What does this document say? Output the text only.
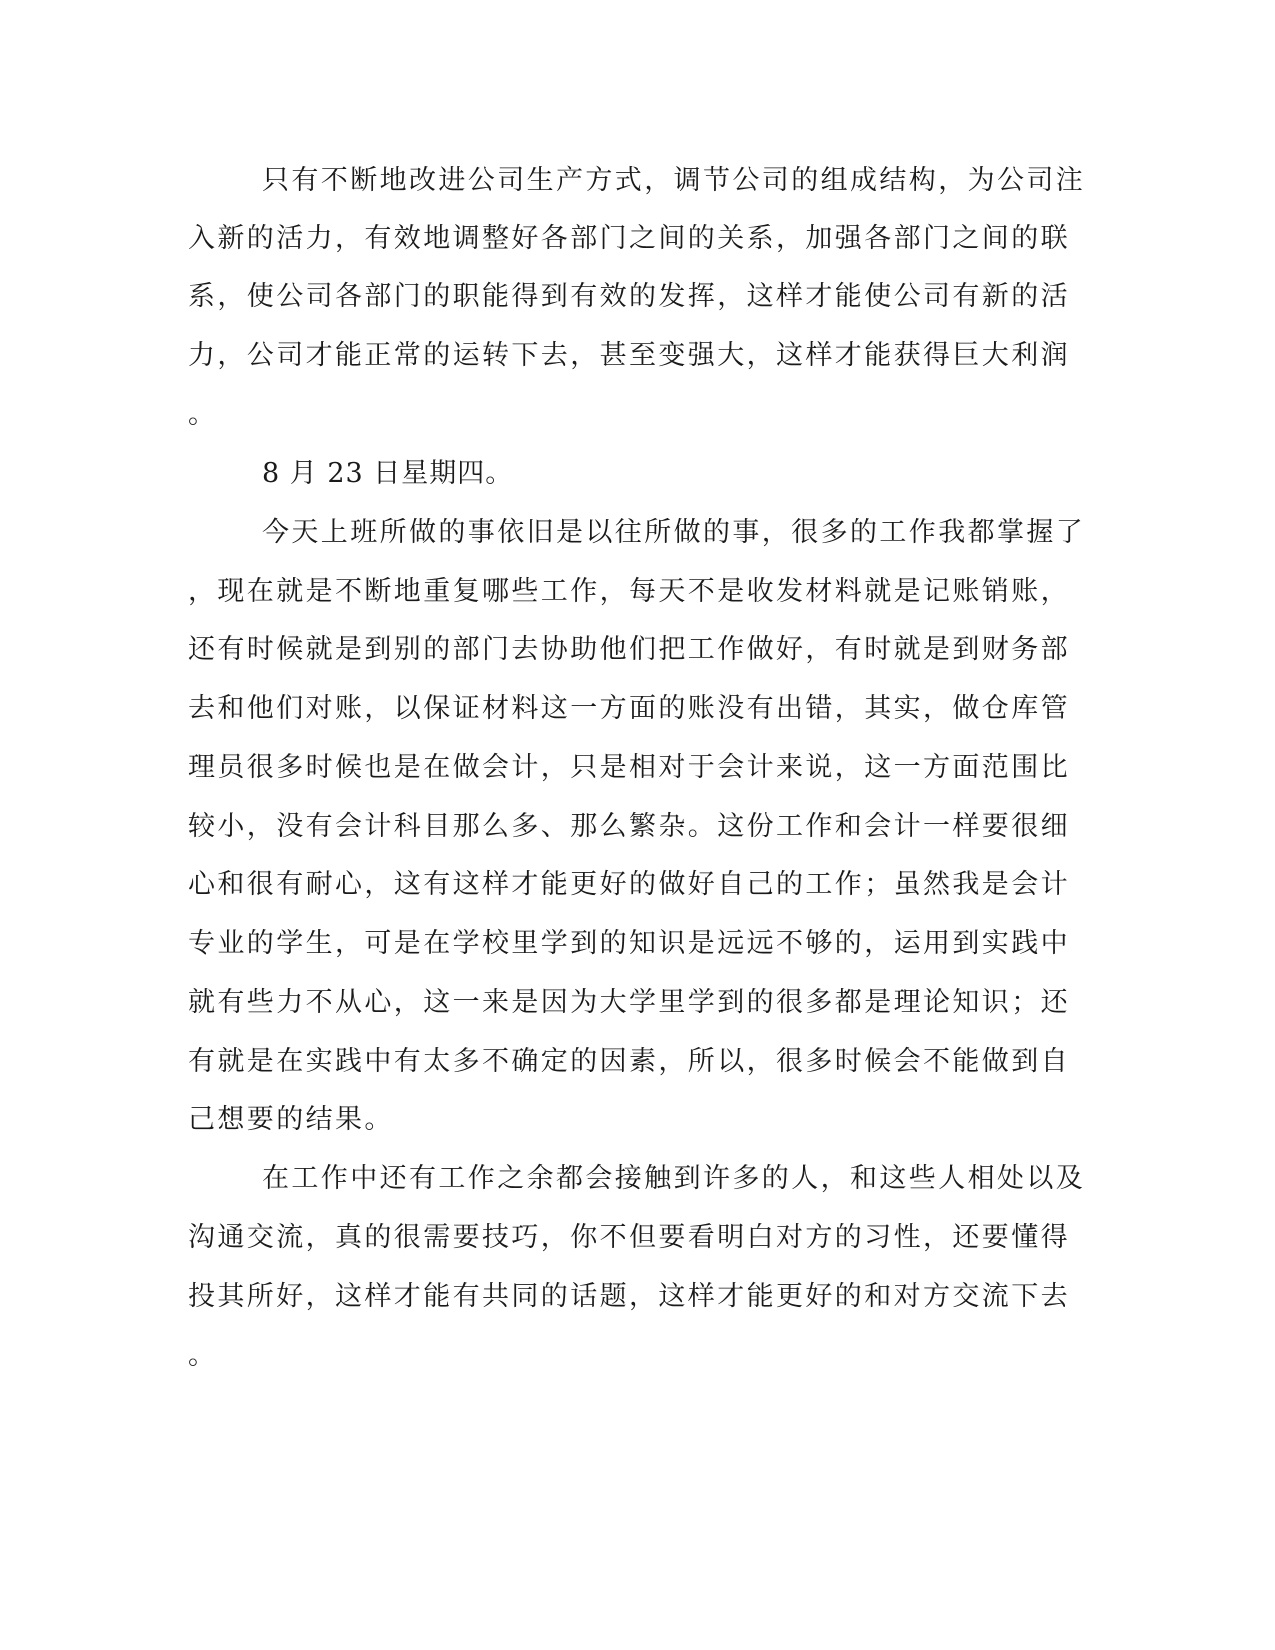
只有不断地改进公司生产方式，调节公司的组成结构，为公司注
入新的活力，有效地调整好各部门之间的关系，加强各部门之间的联
系，使公司各部门的职能得到有效的发挥，这样才能使公司有新的活
力，公司才能正常的运转下去，甚至变强大，这样才能获得巨大利润
。
8 月 23 日星期四。
今天上班所做的事依旧是以往所做的事，很多的工作我都掌握了
，现在就是不断地重复哪些工作，每天不是收发材料就是记账销账，
还有时候就是到别的部门去协助他们把工作做好，有时就是到财务部
去和他们对账，以保证材料这一方面的账没有出错，其实，做仓库管
理员很多时候也是在做会计，只是相对于会计来说，这一方面范围比
较小，没有会计科目那么多、那么繁杂。这份工作和会计一样要很细
心和很有耐心，这有这样才能更好的做好自己的工作；虽然我是会计
专业的学生，可是在学校里学到的知识是远远不够的，运用到实践中
就有些力不从心，这一来是因为大学里学到的很多都是理论知识；还
有就是在实践中有太多不确定的因素，所以，很多时候会不能做到自
己想要的结果。
在工作中还有工作之余都会接触到许多的人，和这些人相处以及
沟通交流，真的很需要技巧，你不但要看明白对方的习性，还要懂得
投其所好，这样才能有共同的话题，这样才能更好的和对方交流下去
。
